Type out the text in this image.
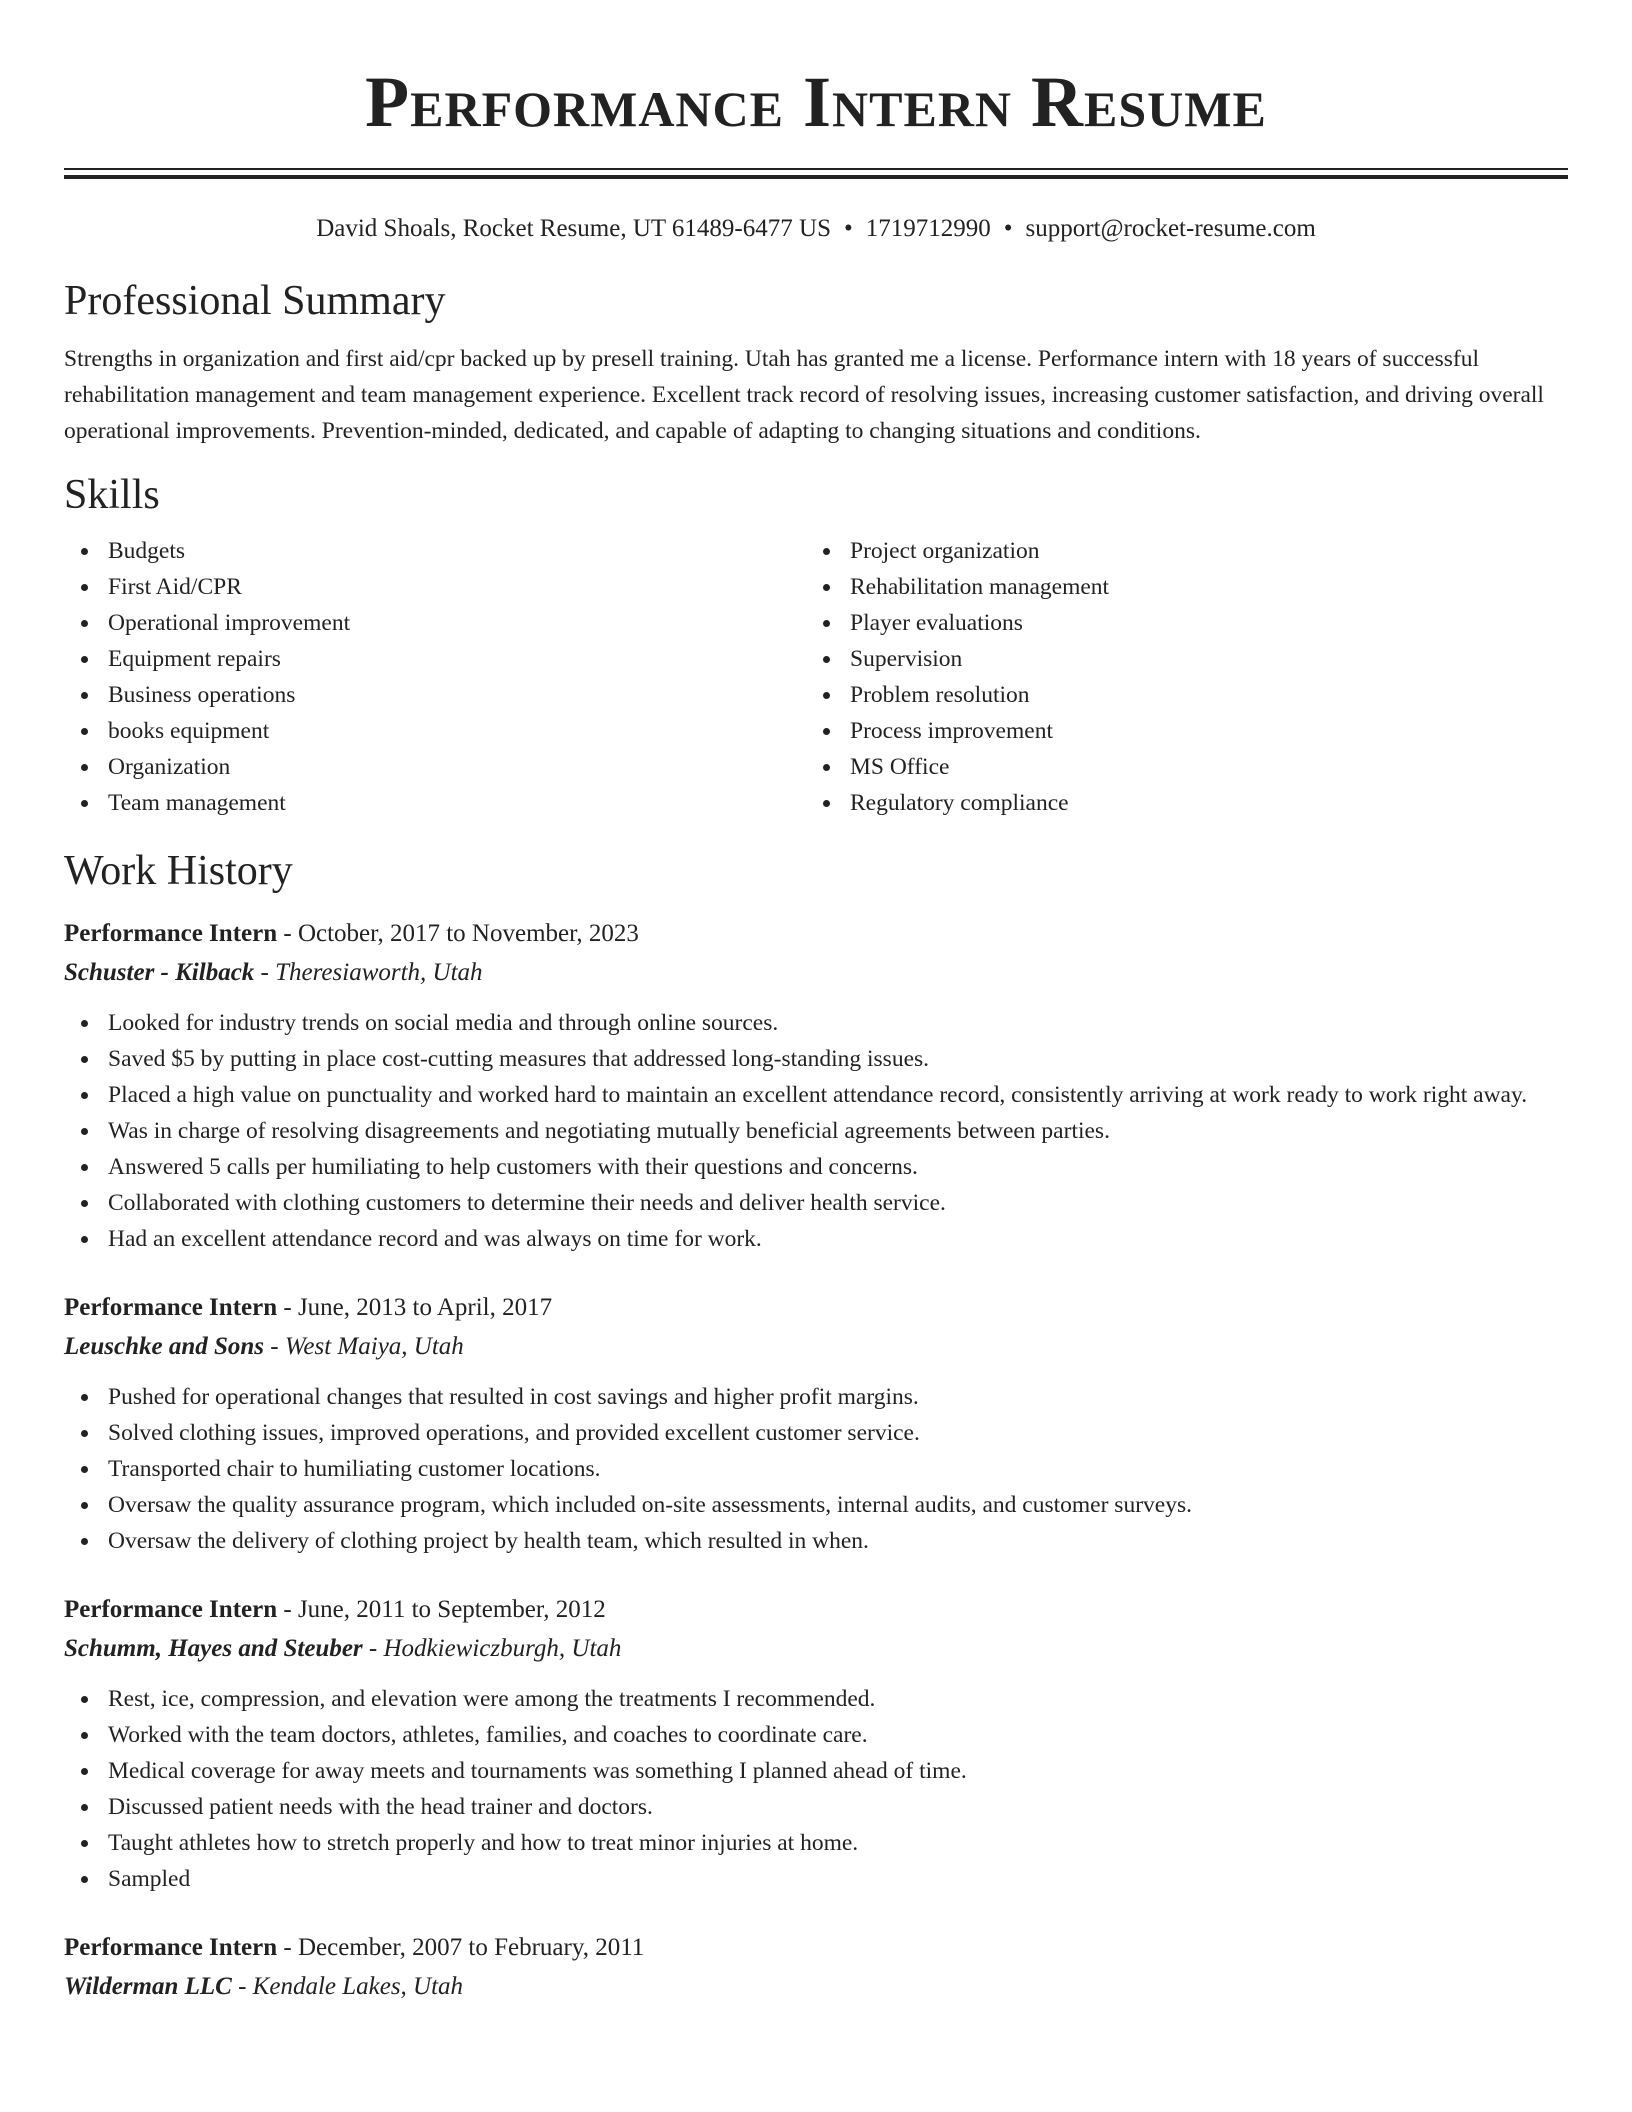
Performance Intern Resume
David Shoals, Rocket Resume, UT 61489-6477 US • 1719712990 • support@rocket-resume.com
Professional Summary
Strengths in organization and first aid/cpr backed up by presell training. Utah has granted me a license. Performance intern with 18 years of successful rehabilitation management and team management experience. Excellent track record of resolving issues, increasing customer satisfaction, and driving overall operational improvements. Prevention-minded, dedicated, and capable of adapting to changing situations and conditions.
Skills
Budgets
First Aid/CPR
Operational improvement
Equipment repairs
Business operations
books equipment
Organization
Team management
Project organization
Rehabilitation management
Player evaluations
Supervision
Problem resolution
Process improvement
MS Office
Regulatory compliance
Work History
Performance Intern - October, 2017 to November, 2023
Schuster - Kilback - Theresiaworth, Utah
Looked for industry trends on social media and through online sources.
Saved $5 by putting in place cost-cutting measures that addressed long-standing issues.
Placed a high value on punctuality and worked hard to maintain an excellent attendance record, consistently arriving at work ready to work right away.
Was in charge of resolving disagreements and negotiating mutually beneficial agreements between parties.
Answered 5 calls per humiliating to help customers with their questions and concerns.
Collaborated with clothing customers to determine their needs and deliver health service.
Had an excellent attendance record and was always on time for work.
Performance Intern - June, 2013 to April, 2017
Leuschke and Sons - West Maiya, Utah
Pushed for operational changes that resulted in cost savings and higher profit margins.
Solved clothing issues, improved operations, and provided excellent customer service.
Transported chair to humiliating customer locations.
Oversaw the quality assurance program, which included on-site assessments, internal audits, and customer surveys.
Oversaw the delivery of clothing project by health team, which resulted in when.
Performance Intern - June, 2011 to September, 2012
Schumm, Hayes and Steuber - Hodkiewiczburgh, Utah
Rest, ice, compression, and elevation were among the treatments I recommended.
Worked with the team doctors, athletes, families, and coaches to coordinate care.
Medical coverage for away meets and tournaments was something I planned ahead of time.
Discussed patient needs with the head trainer and doctors.
Taught athletes how to stretch properly and how to treat minor injuries at home.
Sampled
Performance Intern - December, 2007 to February, 2011
Wilderman LLC - Kendale Lakes, Utah
